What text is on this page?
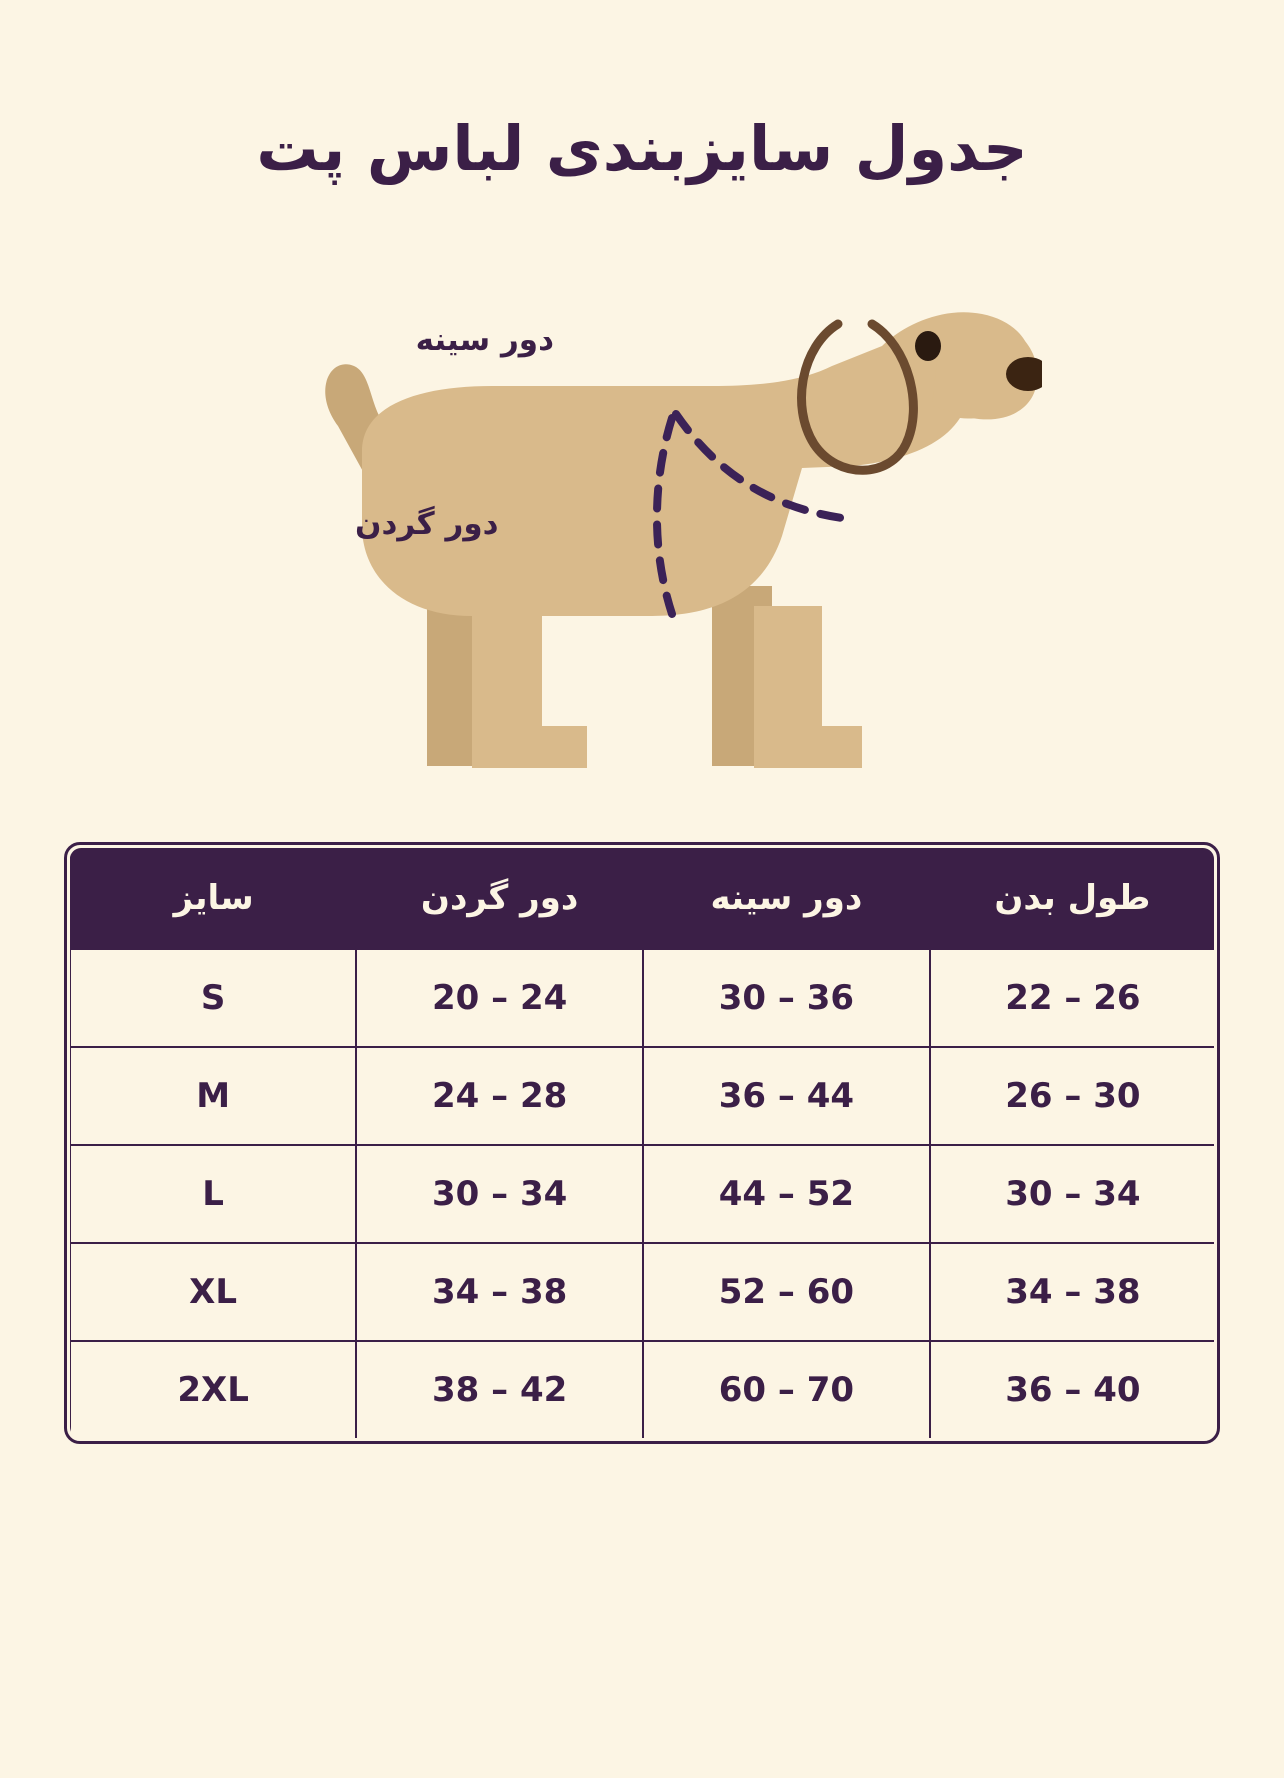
جدول سایزبندی لباس پت
دور سینه
دور گردن
طول بدن	دور سینه	دور گردن	سایز
22 – 26	30 – 36	20 – 24	S
26 – 30	36 – 44	24 – 28	M
30 – 34	44 – 52	30 – 34	L
34 – 38	52 – 60	34 – 38	XL
36 – 40	60 – 70	38 – 42	2XL
